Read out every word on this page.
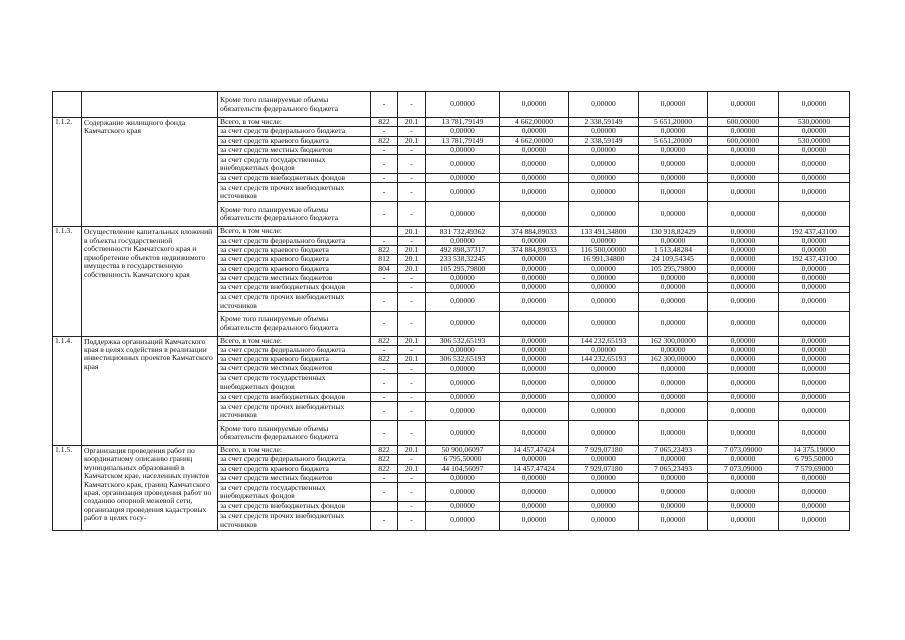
		Кроме того планируемые объемы обязательств федерального бюджета	-	-	0,00000	0,00000	0,00000	0,00000	0,00000	0,00000
1.1.2.	Содержание жилищного фонда Камчатского края	Всего, в том числе:	822	20.1	13 781,79149	4 662,00000	2 338,59149	5 651,20000	600,00000	530,00000
		за счет средств федерального бюджета	-	-	0,00000	0,00000	0,00000	0,00000	0,00000	0,00000
		за счет средств краевого бюджета	822	20.1	13 781,79149	4 662,00000	2 338,59149	5 651,20000	600,00000	530,00000
		за счет средств местных бюджетов	-	-	0,00000	0,00000	0,00000	0,00000	0,00000	0,00000
		за счет средств государственных внебюджетных фондов	-	-	0,00000	0,00000	0,00000	0,00000	0,00000	0,00000
		за счет средств внебюджетных фондов	-	-	0,00000	0,00000	0,00000	0,00000	0,00000	0,00000
		за счет средств прочих внебюджетных источников	-	-	0,00000	0,00000	0,00000	0,00000	0,00000	0,00000
		Кроме того планируемые объемы обязательств федерального бюджета	-	-	0,00000	0,00000	0,00000	0,00000	0,00000	0,00000
1.1.3.	Осуществление капитальных вложений в объекты государственной собственности Камчатского края и приобретение объектов недвижимого имущества в государственную собственность Камчатского края	Всего, в том числе:		20.1	831 732,49362	374 884,89033	133 491,34800	130 918,82429	0,00000	192 437,43100
		за счет средств федерального бюджета	-	-	0,00000	0,00000	0,00000	0,00000	0,00000	0,00000
		за счет средств краевого бюджета	822	20.1	492 898,37317	374 884,89033	116 500,00000	1 513,48284	0,00000	0,00000
		за счет средств краевого бюджета	812	20.1	233 538,32245	0,00000	16 991,34800	24 109,54345	0,00000	192 437,43100
		за счет средств краевого бюджета	804	20.1	105 295,79800	0,00000	0,00000	105 295,79800	0,00000	0,00000
		за счет средств местных бюджетов	-	-	0,00000	0,00000	0,00000	0,00000	0,00000	0,00000
		за счет средств внебюджетных фондов		-	0,00000	0,00000	0,00000	0,00000	0,00000	0,00000
		за счет средств прочих внебюджетных источников	-	-	0,00000	0,00000	0,00000	0,00000	0,00000	0,00000
		Кроме того планируемые объемы обязательств федерального бюджета	-	-	0,00000	0,00000	0,00000	0,00000	0,00000	0,00000
1.1.4.	Поддержка организаций Камчатского края в целях содействия в реализации инвестиционных проектов Камчатского края	Всего, в том числе:	822	20.1	306 532,65193	0,00000	144 232,65193	162 300,00000	0,00000	0,00000
		за счет средств федерального бюджета	-	-	0,00000	0,00000	0,00000	0,00000	0,00000	0,00000
		за счет средств краевого бюджета	822	20.1	306 532,65193	0,00000	144 232,65193	162 300,00000	0,00000	0,00000
		за счет средств местных бюджетов	-	-	0,00000	0,00000	0,00000	0,00000	0,00000	0,00000
		за счет средств государственных внебюджетных фондов	-	-	0,00000	0,00000	0,00000	0,00000	0,00000	0,00000
		за счет средств внебюджетных фондов	-	-	0,00000	0,00000	0,00000	0,00000	0,00000	0,00000
		за счет средств прочих внебюджетных источников	-	-	0,00000	0,00000	0,00000	0,00000	0,00000	0,00000
		Кроме того планируемые объемы обязательств федерального бюджета	-	-	0,00000	0,00000	0,00000	0,00000	0,00000	0,00000
1.1.5.	Организация проведения работ по координатному описанию границ муниципальных образований в Камчатском крае, населенных пунктов Камчатского края, границ Камчатского края, организация проведения работ по созданию опорной межевой сети, организация проведения кадастровых работ в целях госу-	Всего, в том числе:	822	20.1	50 900,06097	14 457,47424	7 929,07180	7 065,23493	7 073,09000	14 375,19000
		за счет средств федерального бюджета	822	-	6 795,50000	0,00000	0,00000	0,00000	0,00000	6 795,50000
		за счет средств краевого бюджета	822	20.1	44 104,56097	14 457,47424	7 929,07180	7 065,23493	7 073,09000	7 579,69000
		за счет средств местных бюджетов	-	-	0,00000	0,00000	0,00000	0,00000	0,00000	0,00000
		за счет средств государственных внебюджетных фондов	-	-	0,00000	0,00000	0,00000	0,00000	0,00000	0,00000
		за счет средств внебюджетных фондов		-	0,00000	0,00000	0,00000	0,00000	0,00000	0,00000
		за счет средств прочих внебюджетных источников	-	-	0,00000	0,00000	0,00000	0,00000	0,00000	0,00000
